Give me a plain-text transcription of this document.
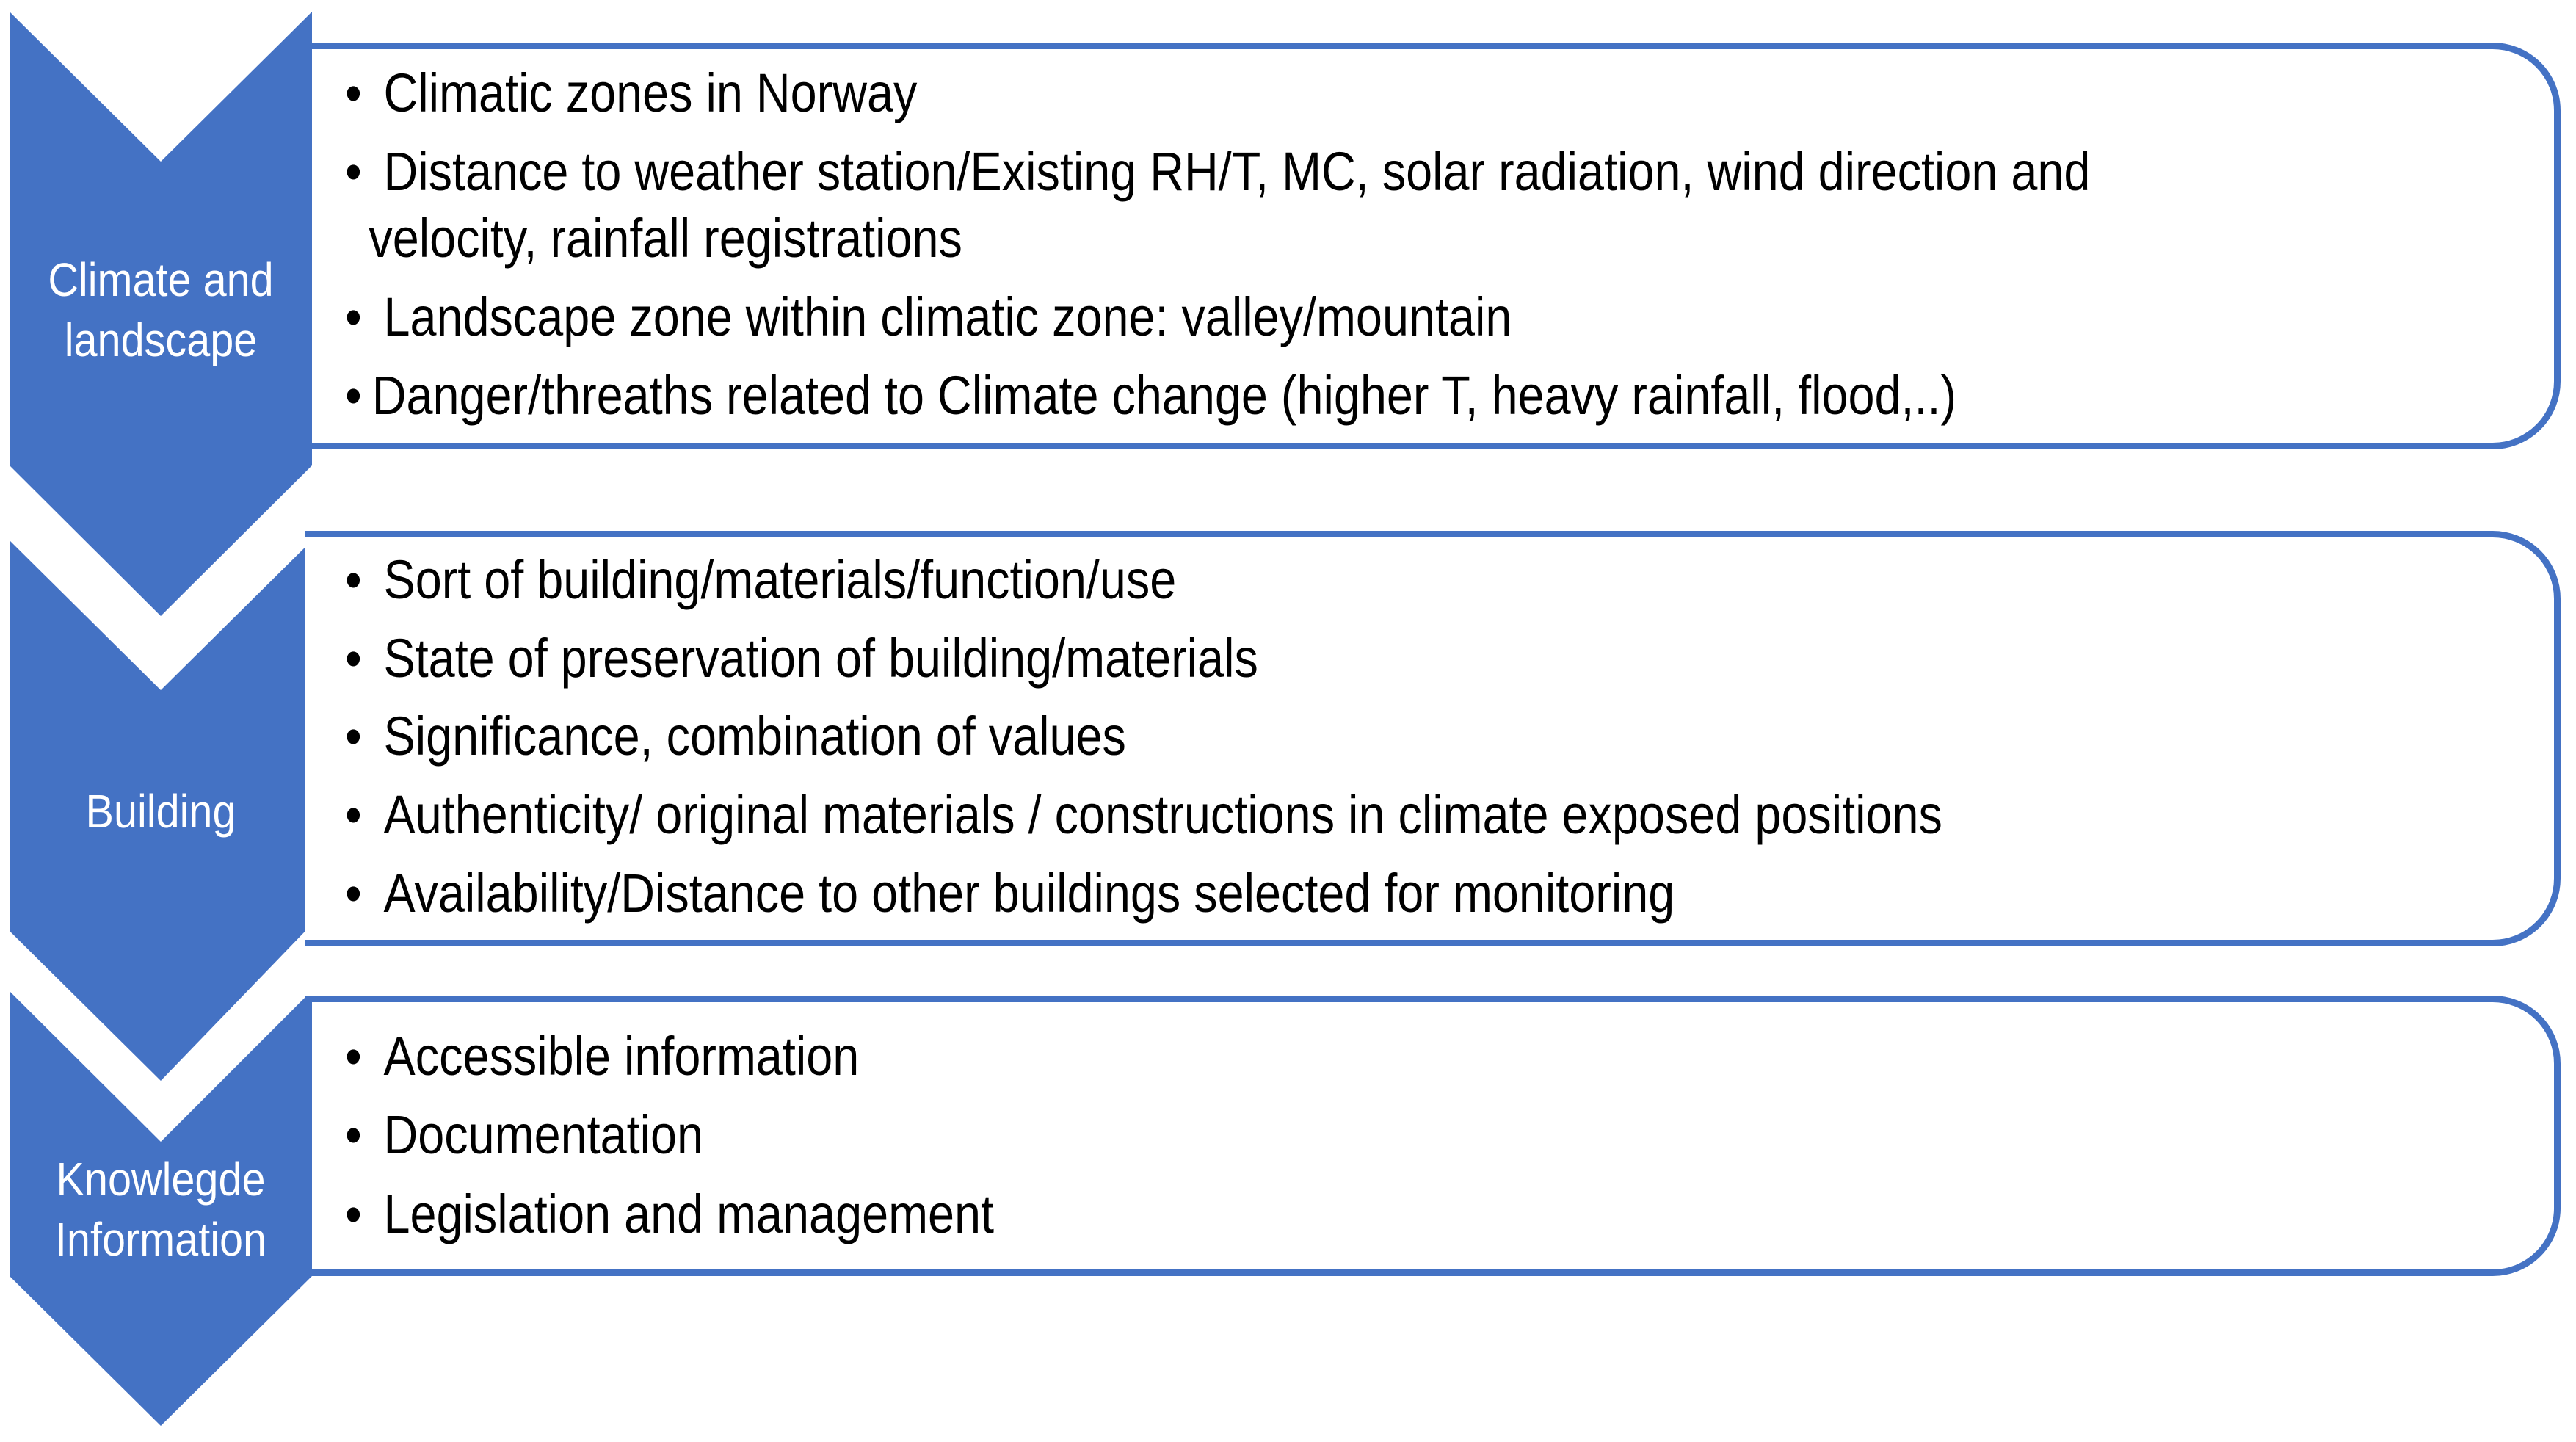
Climate and
landscape
Building
Knowlegde
Information
• Climatic zones in Norway
• Distance to weather station/Existing RH/T, MC, solar radiation, wind direction and
velocity, rainfall registrations
• Landscape zone within climatic zone: valley/mountain
• Danger/threaths related to Climate change (higher T, heavy rainfall, flood,..)
• Sort of building/materials/function/use
• State of preservation of building/materials
• Significance, combination of values
• Authenticity/ original materials / constructions in climate exposed positions
• Availability/Distance to other buildings selected for monitoring
• Accessible information
• Documentation
• Legislation and management
